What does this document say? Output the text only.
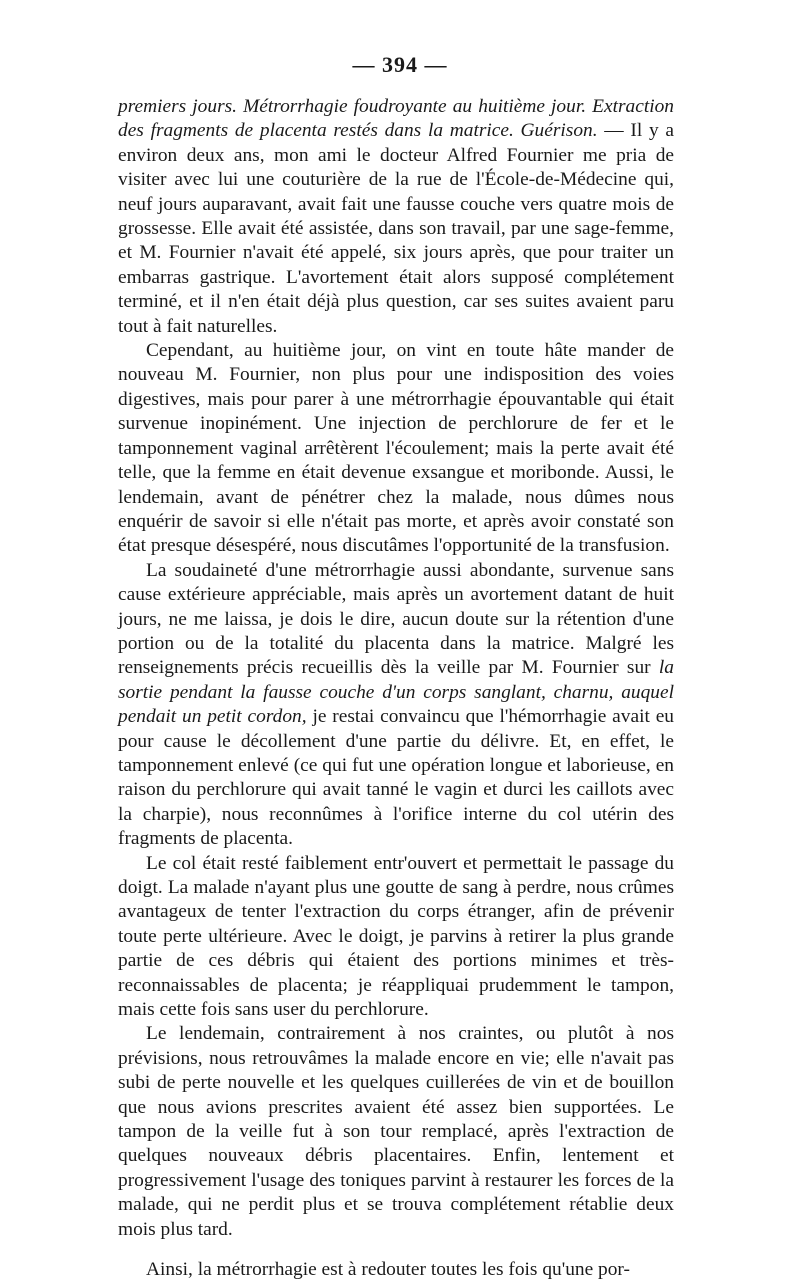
— 394 —

premiers jours. Métrorrhagie foudroyante au huitième jour. Extraction des fragments de placenta restés dans la matrice. Guérison. — Il y a environ deux ans, mon ami le docteur Alfred Fournier me pria de visiter avec lui une couturière de la rue de l'École-de-Médecine qui, neuf jours auparavant, avait fait une fausse couche vers quatre mois de grossesse. Elle avait été assistée, dans son travail, par une sage-femme, et M. Fournier n'avait été appelé, six jours après, que pour traiter un embarras gastrique. L'avortement était alors supposé complétement terminé, et il n'en était déjà plus question, car ses suites avaient paru tout à fait naturelles.

Cependant, au huitième jour, on vint en toute hâte mander de nouveau M. Fournier, non plus pour une indisposition des voies digestives, mais pour parer à une métrorrhagie épouvantable qui était survenue inopinément. Une injection de perchlorure de fer et le tamponnement vaginal arrêtèrent l'écoulement; mais la perte avait été telle, que la femme en était devenue exsangue et moribonde. Aussi, le lendemain, avant de pénétrer chez la malade, nous dûmes nous enquérir de savoir si elle n'était pas morte, et après avoir constaté son état presque désespéré, nous discutâmes l'opportunité de la transfusion.

La soudaineté d'une métrorrhagie aussi abondante, survenue sans cause extérieure appréciable, mais après un avortement datant de huit jours, ne me laissa, je dois le dire, aucun doute sur la rétention d'une portion ou de la totalité du placenta dans la matrice. Malgré les renseignements précis recueillis dès la veille par M. Fournier sur la sortie pendant la fausse couche d'un corps sanglant, charnu, auquel pendait un petit cordon, je restai convaincu que l'hémorrhagie avait eu pour cause le décollement d'une partie du délivre. Et, en effet, le tamponnement enlevé (ce qui fut une opération longue et laborieuse, en raison du perchlorure qui avait tanné le vagin et durci les caillots avec la charpie), nous reconnûmes à l'orifice interne du col utérin des fragments de placenta.

Le col était resté faiblement entr'ouvert et permettait le passage du doigt. La malade n'ayant plus une goutte de sang à perdre, nous crûmes avantageux de tenter l'extraction du corps étranger, afin de prévenir toute perte ultérieure. Avec le doigt, je parvins à retirer la plus grande partie de ces débris qui étaient des portions minimes et très-reconnaissables de placenta; je réappliquai prudemment le tampon, mais cette fois sans user du perchlorure.

Le lendemain, contrairement à nos craintes, ou plutôt à nos prévisions, nous retrouvâmes la malade encore en vie; elle n'avait pas subi de perte nouvelle et les quelques cuillerées de vin et de bouillon que nous avions prescrites avaient été assez bien supportées. Le tampon de la veille fut à son tour remplacé, après l'extraction de quelques nouveaux débris placentaires. Enfin, lentement et progressivement l'usage des toniques parvint à restaurer les forces de la malade, qui ne perdit plus et se trouva complétement rétablie deux mois plus tard.

Ainsi, la métrorrhagie est à redouter toutes les fois qu'une por-
